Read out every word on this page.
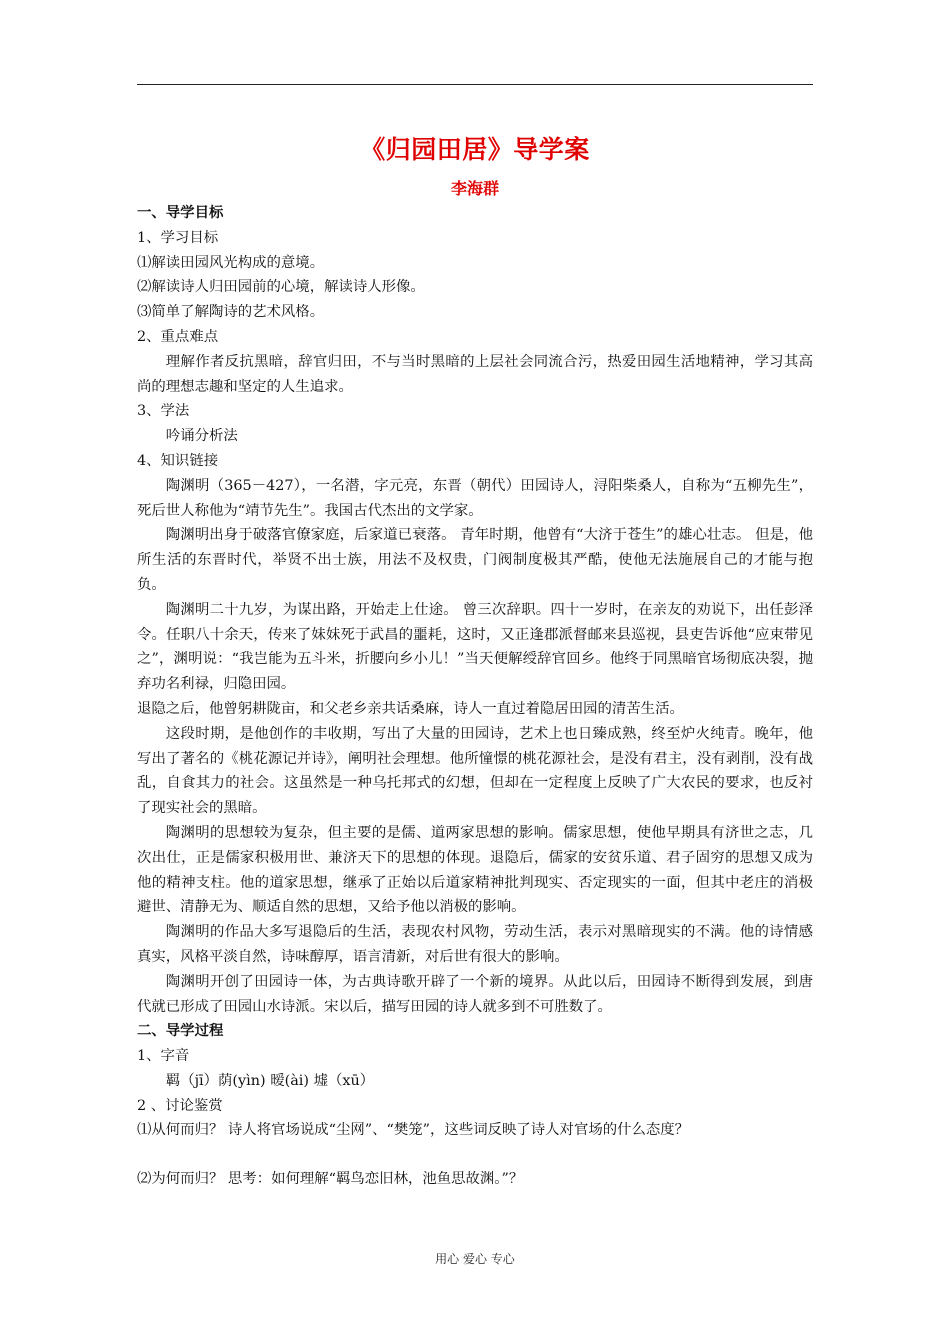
《归园田居》导学案
李海群

一、导学目标

1、学习目标

⑴解读田园风光构成的意境。

⑵解读诗人归田园前的心境，解读诗人形像。

⑶简单了解陶诗的艺术风格。

2、重点难点

理解作者反抗黑暗，辞官归田，不与当时黑暗的上层社会同流合污，热爱田园生活地精神，学习其高尚的理想志趣和坚定的人生追求。

3、学法

吟诵分析法

4、知识链接

陶渊明（365－427），一名潜，字元亮，东晋（朝代）田园诗人，浔阳柴桑人，自称为“五柳先生”，死后世人称他为“靖节先生”。我国古代杰出的文学家。

陶渊明出身于破落官僚家庭，后家道已衰落。 青年时期，他曾有“大济于苍生”的雄心壮志。 但是，他所生活的东晋时代，举贤不出士族，用法不及权贵，门阀制度极其严酷，使他无法施展自己的才能与抱负。

陶渊明二十九岁，为谋出路，开始走上仕途。 曾三次辞职。四十一岁时，在亲友的劝说下，出任彭泽令。任职八十余天，传来了妹妹死于武昌的噩耗，这时，又正逢郡派督邮来县巡视，县吏告诉他“应束带见之”，渊明说：“我岂能为五斗米，折腰向乡小儿！”当天便解绶辞官回乡。他终于同黑暗官场彻底决裂，抛弃功名利禄，归隐田园。

退隐之后，他曾躬耕陇亩，和父老乡亲共话桑麻，诗人一直过着隐居田园的清苦生活。

这段时期，是他创作的丰收期，写出了大量的田园诗，艺术上也日臻成熟，终至炉火纯青。晚年，他写出了著名的《桃花源记并诗》，阐明社会理想。他所憧憬的桃花源社会，是没有君主，没有剥削，没有战乱，自食其力的社会。这虽然是一种乌托邦式的幻想，但却在一定程度上反映了广大农民的要求，也反衬了现实社会的黑暗。

陶渊明的思想较为复杂，但主要的是儒、道两家思想的影响。儒家思想，使他早期具有济世之志，几次出仕，正是儒家积极用世、兼济天下的思想的体现。退隐后，儒家的安贫乐道、君子固穷的思想又成为他的精神支柱。他的道家思想，继承了正始以后道家精神批判现实、否定现实的一面，但其中老庄的消极避世、清静无为、顺适自然的思想，又给予他以消极的影响。

陶渊明的作品大多写退隐后的生活，表现农村风物，劳动生活，表示对黑暗现实的不满。他的诗情感真实，风格平淡自然，诗味醇厚，语言清新，对后世有很大的影响。

陶渊明开创了田园诗一体，为古典诗歌开辟了一个新的境界。从此以后，田园诗不断得到发展，到唐代就已形成了田园山水诗派。宋以后，描写田园的诗人就多到不可胜数了。

二、导学过程

1、字音

羁（jī）荫(yìn) 暧(ài) 墟（xū）

2 、讨论鉴赏

⑴从何而归？ 诗人将官场说成“尘网”、“樊笼”，这些词反映了诗人对官场的什么态度？

⑵为何而归？ 思考：如何理解“羁鸟恋旧林，池鱼思故渊。”？

用心 爱心 专心
